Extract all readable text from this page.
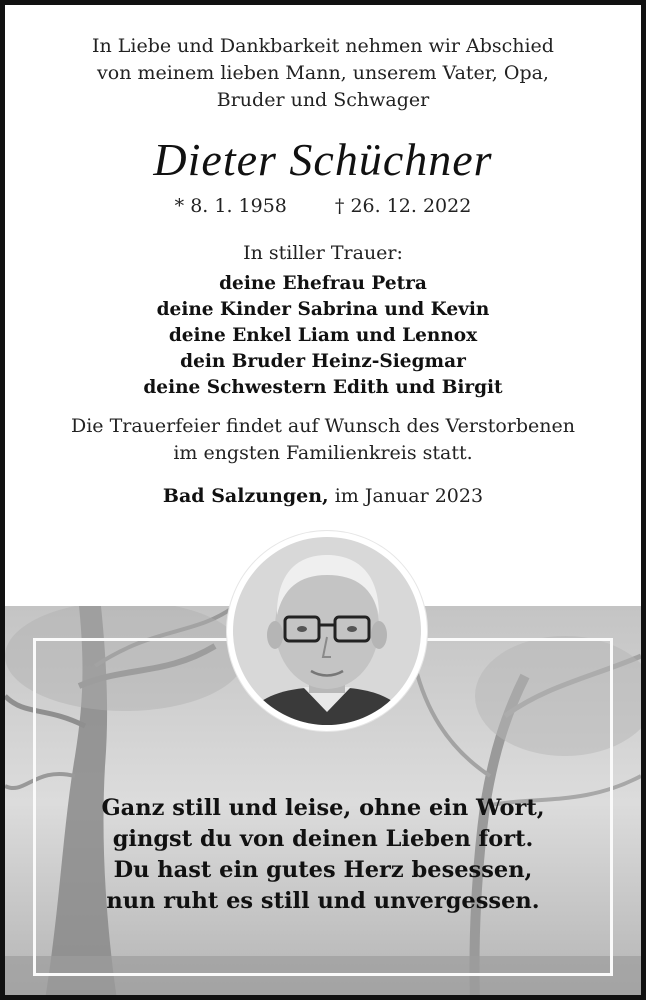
In Liebe und Dankbarkeit nehmen wir Abschied
von meinem lieben Mann, unserem Vater, Opa,
Bruder und Schwager
Dieter Schüchner
* 8. 1. 1958	† 26. 12. 2022
In stiller Trauer:
deine Ehefrau Petra
deine Kinder Sabrina und Kevin
deine Enkel Liam und Lennox
dein Bruder Heinz-Siegmar
deine Schwestern Edith und Birgit
Die Trauerfeier findet auf Wunsch des Verstorbenen
im engsten Familienkreis statt.
Bad Salzungen, im Januar 2023
Ganz still und leise, ohne ein Wort,
gingst du von deinen Lieben fort.
Du hast ein gutes Herz besessen,
nun ruht es still und unvergessen.
